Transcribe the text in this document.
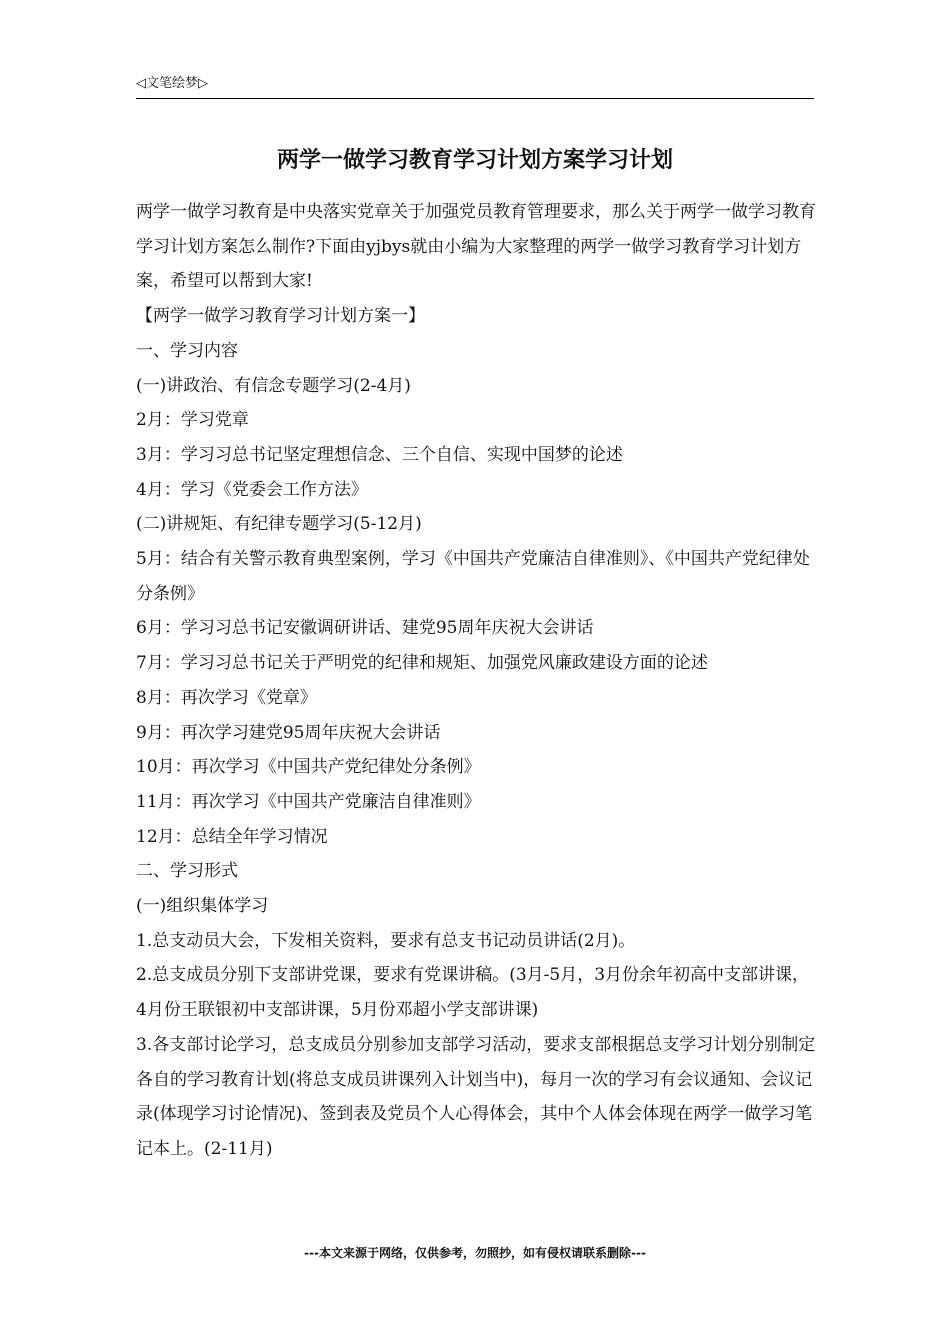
◁文笔绘梦▷
两学一做学习教育学习计划方案学习计划

两学一做学习教育是中央落实党章关于加强党员教育管理要求，那么关于两学一做学习教育学习计划方案怎么制作?下面由yjbys就由小编为大家整理的两学一做学习教育学习计划方案，希望可以帮到大家!

【两学一做学习教育学习计划方案一】

一、学习内容

(一)讲政治、有信念专题学习(2-4月)

2月：学习党章

3月：学习习总书记坚定理想信念、三个自信、实现中国梦的论述

4月：学习《党委会工作方法》

(二)讲规矩、有纪律专题学习(5-12月)

5月：结合有关警示教育典型案例，学习《中国共产党廉洁自律准则》、《中国共产党纪律处分条例》

6月：学习习总书记安徽调研讲话、建党95周年庆祝大会讲话

7月：学习习总书记关于严明党的纪律和规矩、加强党风廉政建设方面的论述

8月：再次学习《党章》

9月：再次学习建党95周年庆祝大会讲话

10月：再次学习《中国共产党纪律处分条例》

11月：再次学习《中国共产党廉洁自律准则》

12月：总结全年学习情况

二、学习形式

(一)组织集体学习

1.总支动员大会，下发相关资料，要求有总支书记动员讲话(2月)。

2.总支成员分别下支部讲党课，要求有党课讲稿。(3月-5月，3月份余年初高中支部讲课，4月份王联银初中支部讲课，5月份邓超小学支部讲课)

3.各支部讨论学习，总支成员分别参加支部学习活动，要求支部根据总支学习计划分别制定各自的学习教育计划(将总支成员讲课列入计划当中)，每月一次的学习有会议通知、会议记录(体现学习讨论情况)、签到表及党员个人心得体会，其中个人体会体现在两学一做学习笔记本上。(2-11月)

---本文来源于网络，仅供参考，勿照抄，如有侵权请联系删除---
